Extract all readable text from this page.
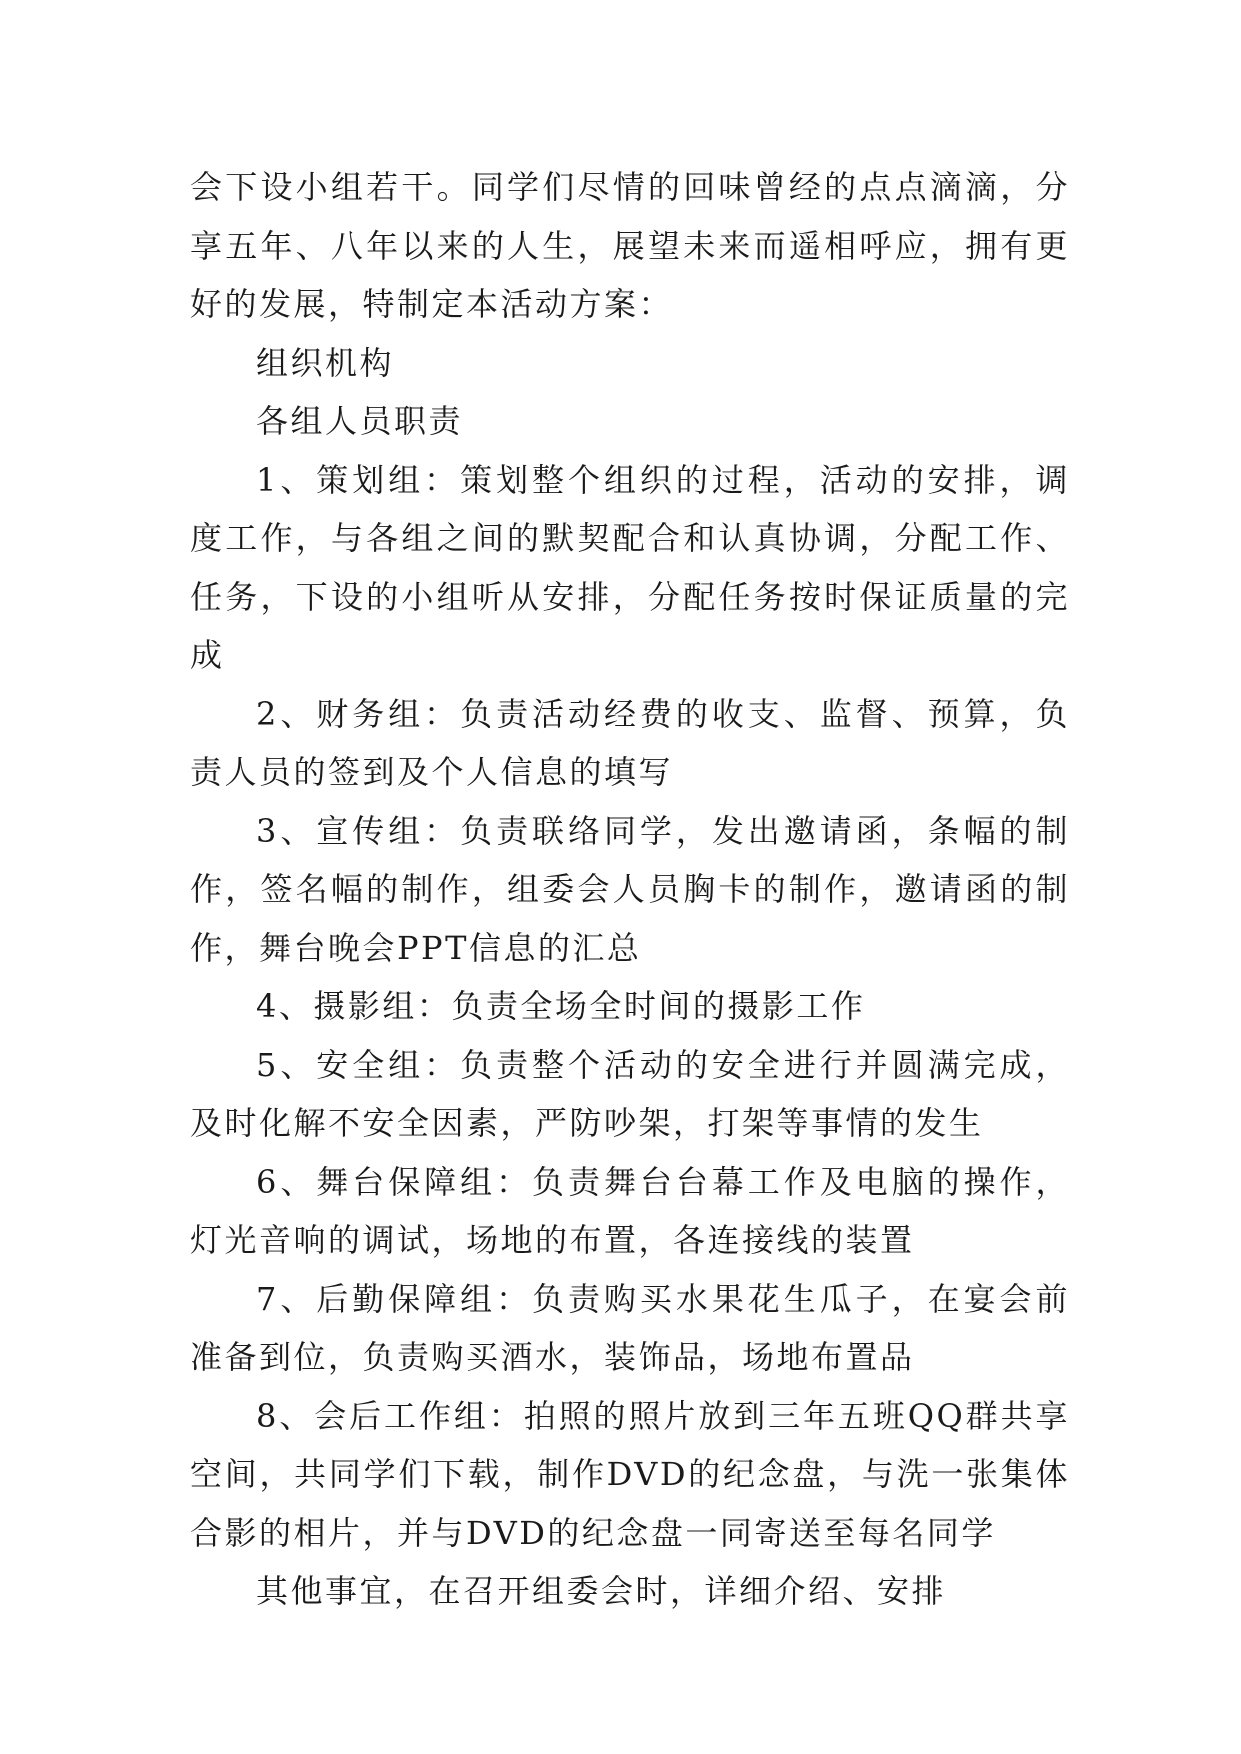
会下设小组若干。同学们尽情的回味曾经的点点滴滴，分享五年、八年以来的人生，展望未来而遥相呼应，拥有更好的发展，特制定本活动方案：

组织机构

各组人员职责

1、策划组：策划整个组织的过程，活动的安排，调度工作，与各组之间的默契配合和认真协调，分配工作、任务，下设的小组听从安排，分配任务按时保证质量的完成

2、财务组：负责活动经费的收支、监督、预算，负责人员的签到及个人信息的填写

3、宣传组：负责联络同学，发出邀请函，条幅的制作，签名幅的制作，组委会人员胸卡的制作，邀请函的制作，舞台晚会PPT信息的汇总

4、摄影组：负责全场全时间的摄影工作

5、安全组：负责整个活动的安全进行并圆满完成，及时化解不安全因素，严防吵架，打架等事情的发生

6、舞台保障组：负责舞台台幕工作及电脑的操作，灯光音响的调试，场地的布置，各连接线的装置

7、后勤保障组：负责购买水果花生瓜子，在宴会前准备到位，负责购买酒水，装饰品，场地布置品

8、会后工作组：拍照的照片放到三年五班QQ群共享空间，共同学们下载，制作DVD的纪念盘，与洗一张集体合影的相片，并与DVD的纪念盘一同寄送至每名同学

其他事宜，在召开组委会时，详细介绍、安排
